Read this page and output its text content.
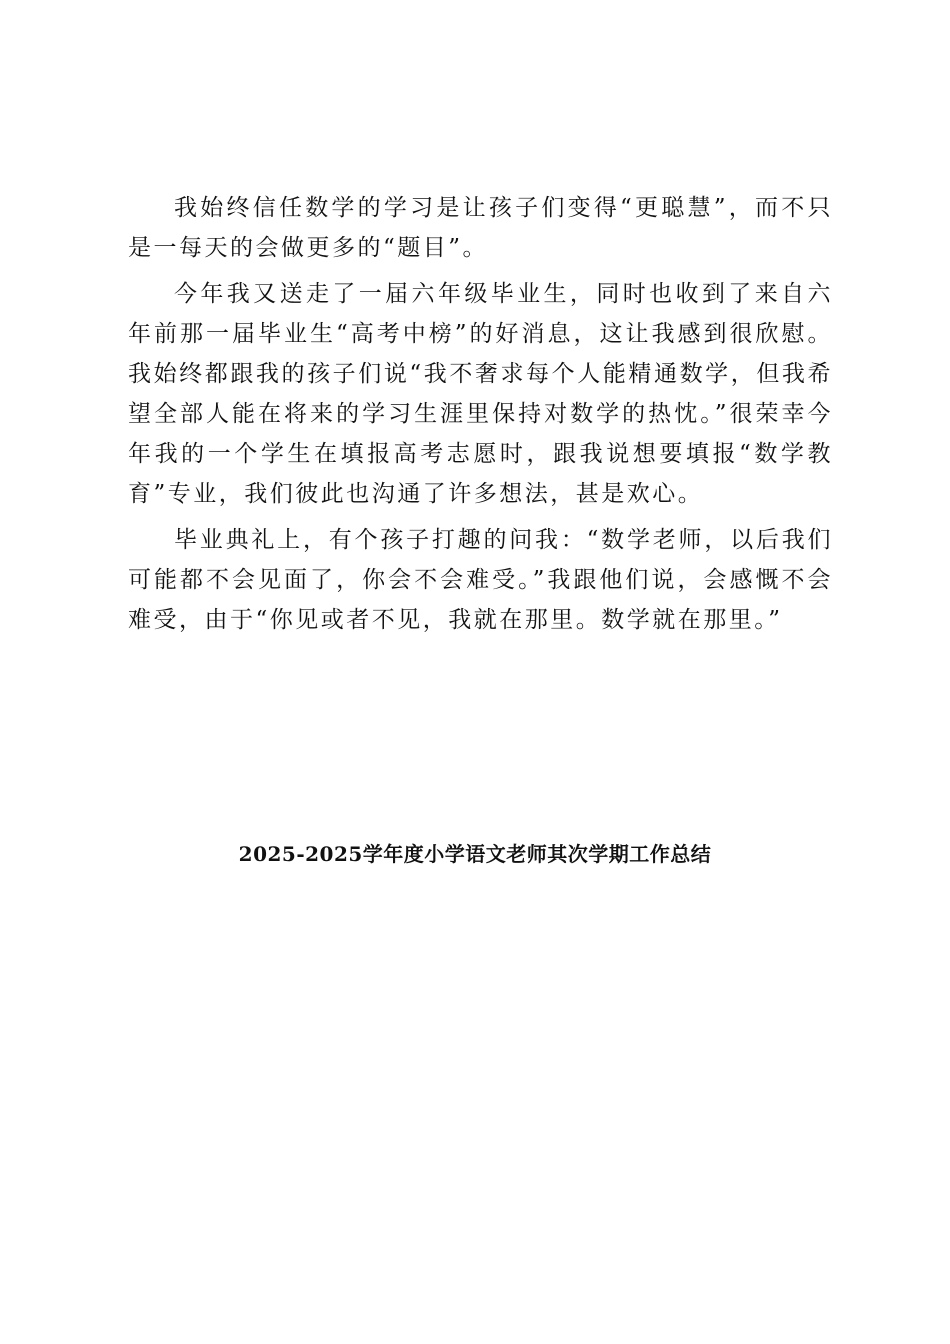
我始终信任数学的学习是让孩子们变得“更聪慧”，而不只是一每天的会做更多的“题目”。

今年我又送走了一届六年级毕业生，同时也收到了来自六年前那一届毕业生“高考中榜”的好消息，这让我感到很欣慰。我始终都跟我的孩子们说“我不奢求每个人能精通数学，但我希望全部人能在将来的学习生涯里保持对数学的热忱。”很荣幸今年我的一个学生在填报高考志愿时，跟我说想要填报“数学教育”专业，我们彼此也沟通了许多想法，甚是欢心。

毕业典礼上，有个孩子打趣的问我：“数学老师，以后我们可能都不会见面了，你会不会难受。”我跟他们说，会感慨不会难受，由于“你见或者不见，我就在那里。数学就在那里。”

2025-2025学年度小学语文老师其次学期工作总结
